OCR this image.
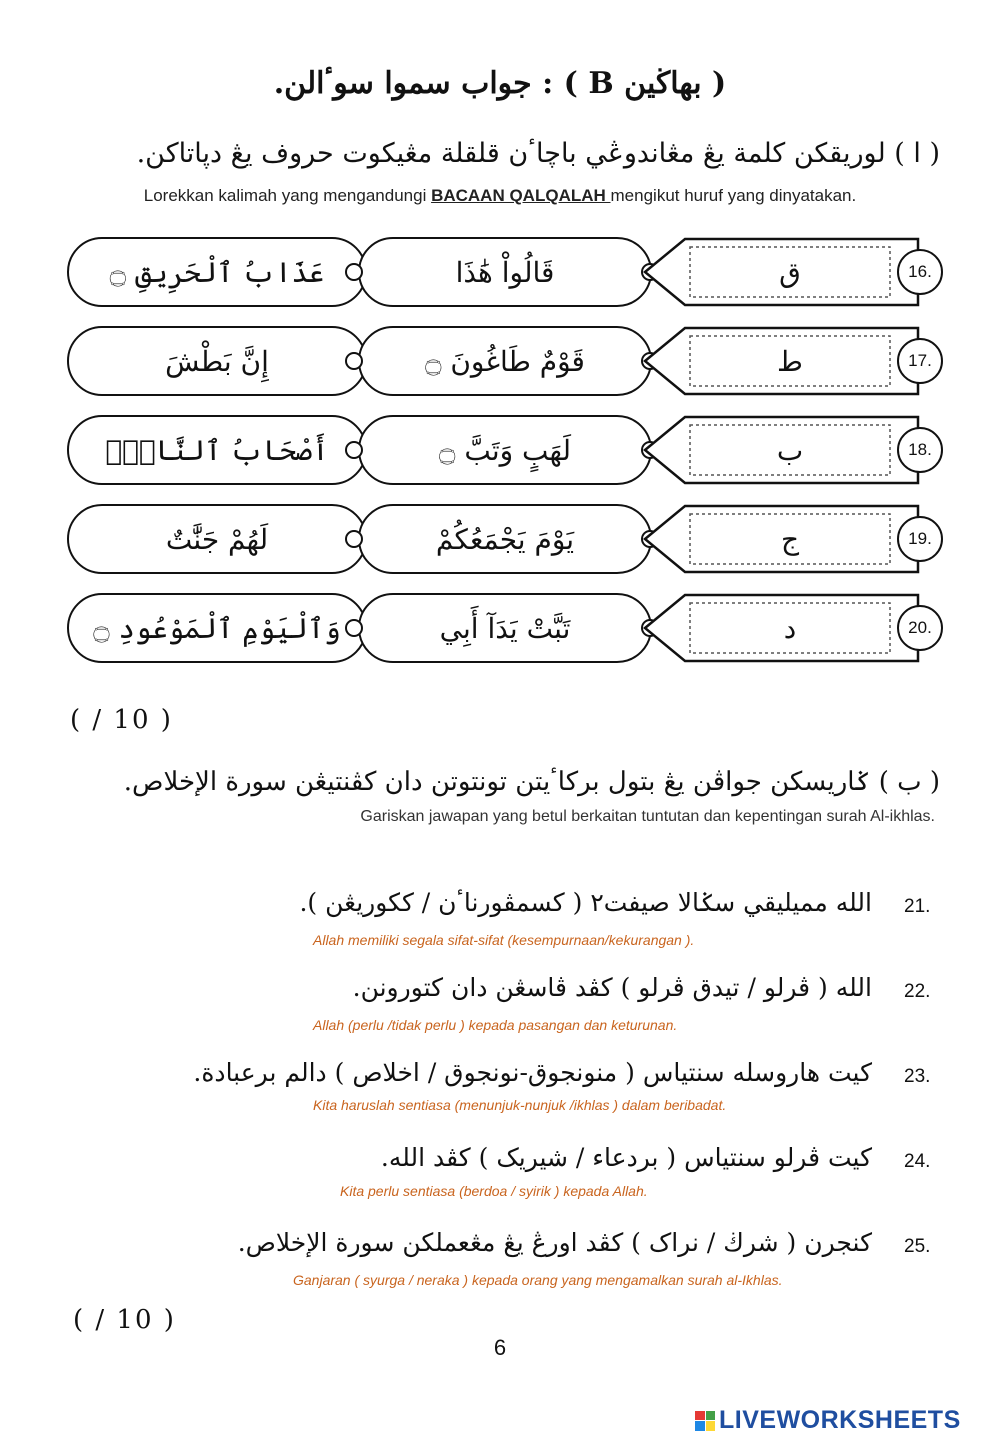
( بهاڬين B ) : جواب سموا سوٴالن.
( ا ) لوريقكن كلمة يڠ مڠاندوڠي باچاٴن قلقلة مڠيکوت حروف يڠ دڽاتاكن.
Lorekkan kalimah yang mengandungi BACAAN QALQALAH mengikut huruf yang dinyatakan.
عَذَابُ ٱلْحَرِيقِ ۝	قَالُواْ هَٰذَا	ق	16.
إِنَّ بَطْشَ	قَوْمٌ طَاغُونَ ۝	ط	17.
أَصْحَابُ ٱلنَّارِۖ	لَهَبٍ وَتَبَّ ۝	ب	18.
لَهُمْ جَنَّٰتٌ	يَوْمَ يَجْمَعُكُمْ	ج	19.
وَٱلْيَوْمِ ٱلْمَوْعُودِ ۝	تَبَّتْ يَدَآ أَبِي	د	20.
( / 10 )
( ب ) ݢاريسكن جواڤن يڠ بتول بركاٴيتن تونتوتن دان كڤنتيڠن سورة الإخلاص.
Gariskan jawapan yang betul berkaitan tuntutan dan kepentingan surah Al-ikhlas.
21.
الله مميليقي سݢالا صيفت٢ ( كسمڤورناٴن / ككوريڠن ).
Allah memiliki segala sifat-sifat (kesempurnaan/kekurangan ).
22.
الله ( ڤرلو / تيدق ڤرلو ) كڤد ڤاسڠن دان كتورونن.
Allah (perlu /tidak perlu ) kepada pasangan dan keturunan.
23.
كيت هاروسله سنتياس ( منونجوق-نونجوق / اخلاص ) دالم برعبادة.
Kita haruslah sentiasa (menunjuk-nunjuk /ikhlas ) dalam beribadat.
24.
كيت ڤرلو سنتياس ( بردعاء / شيريک ) كڤد الله.
Kita perlu sentiasa (berdoa / syirik ) kepada Allah.
25.
كنجرن ( شرڬ / نراک ) كڤد اورڠ يڠ مڠعملكن سورة الإخلاص.
Ganjaran ( syurga / neraka ) kepada orang yang mengamalkan surah al-Ikhlas.
( / 10 )
6
LIVEWORKSHEETS
